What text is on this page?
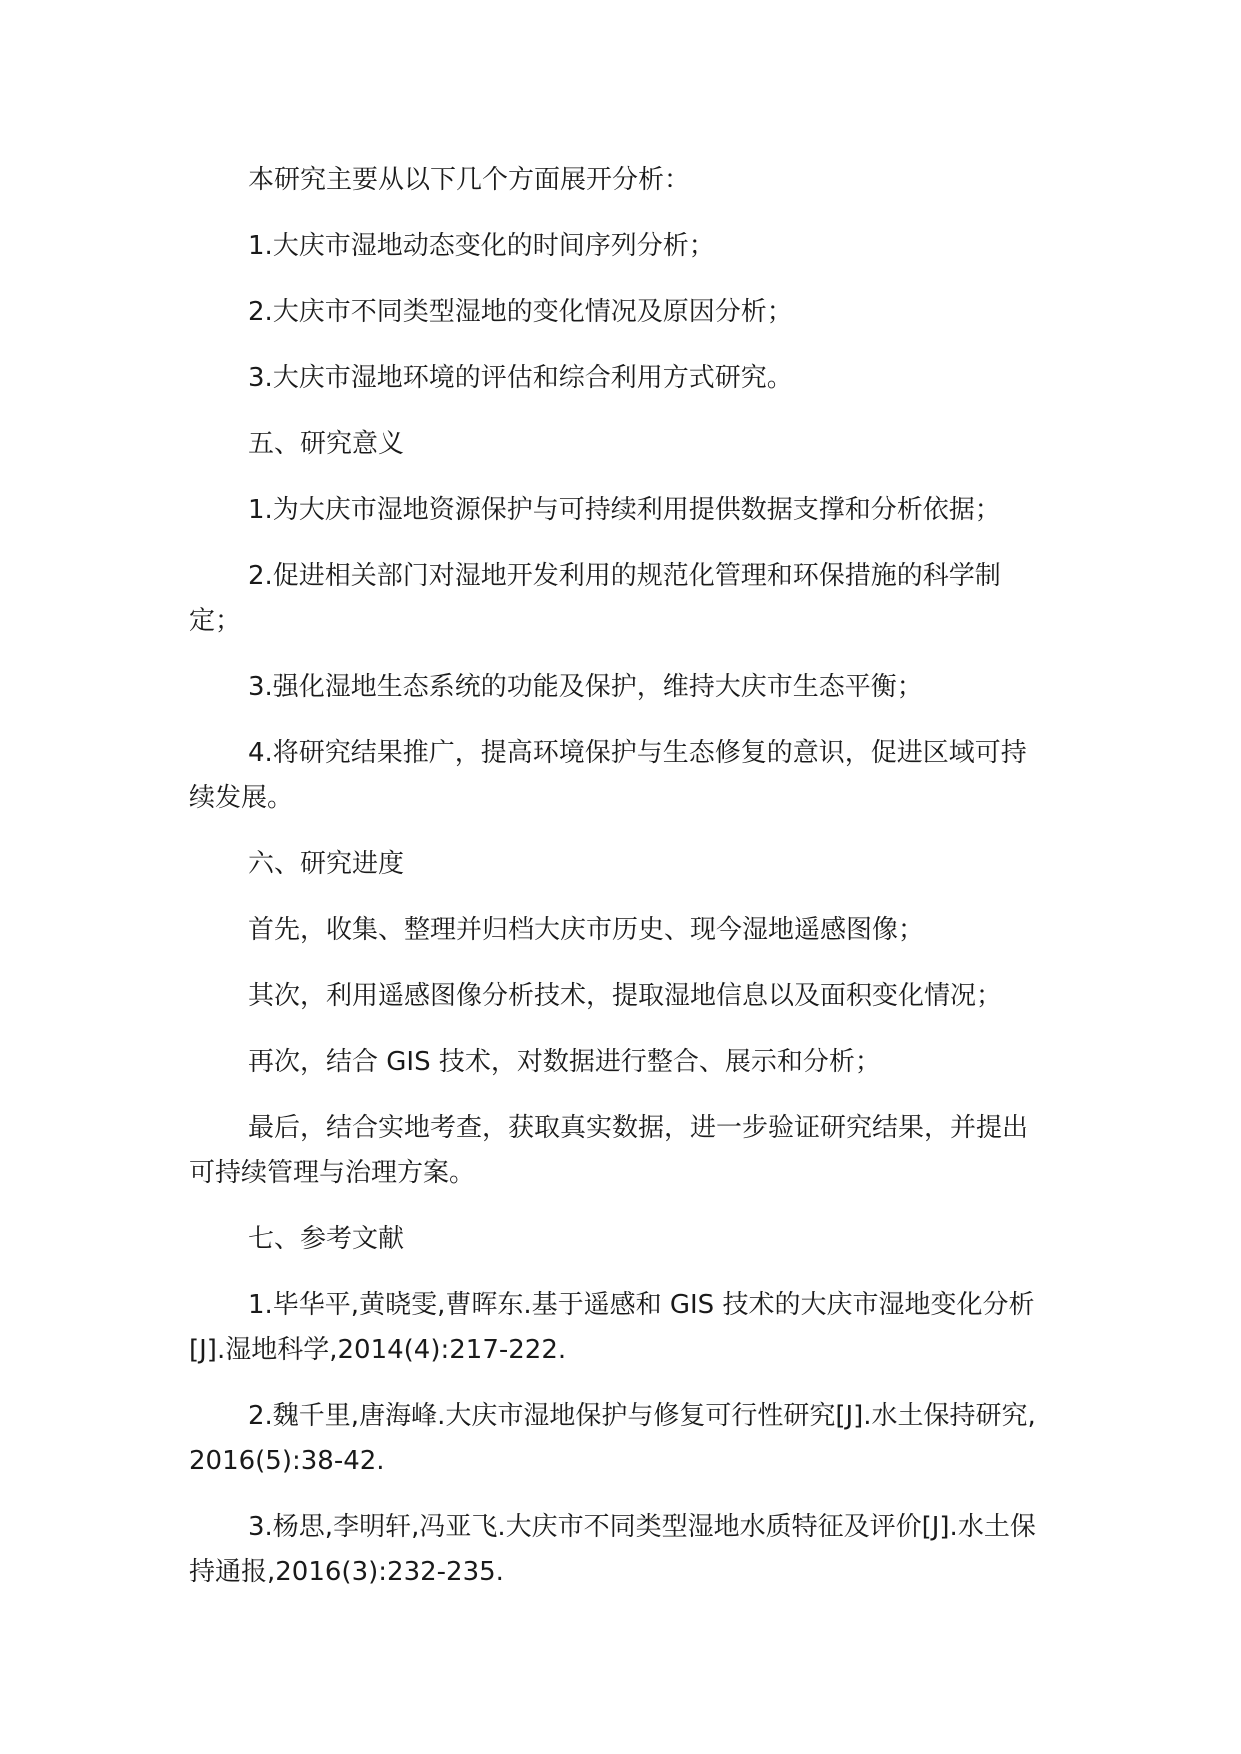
本研究主要从以下几个方面展开分析：

1.大庆市湿地动态变化的时间序列分析；

2.大庆市不同类型湿地的变化情况及原因分析；

3.大庆市湿地环境的评估和综合利用方式研究。

五、研究意义

1.为大庆市湿地资源保护与可持续利用提供数据支撑和分析依据；

2.促进相关部门对湿地开发利用的规范化管理和环保措施的科学制定；

3.强化湿地生态系统的功能及保护，维持大庆市生态平衡；

4.将研究结果推广，提高环境保护与生态修复的意识，促进区域可持续发展。

六、研究进度

首先，收集、整理并归档大庆市历史、现今湿地遥感图像；

其次，利用遥感图像分析技术，提取湿地信息以及面积变化情况；

再次，结合 GIS 技术，对数据进行整合、展示和分析；

最后，结合实地考查，获取真实数据，进一步验证研究结果，并提出可持续管理与治理方案。

七、参考文献

1.毕华平,黄晓雯,曹晖东.基于遥感和 GIS 技术的大庆市湿地变化分析[J].湿地科学,2014(4):217-222.

2.魏千里,唐海峰.大庆市湿地保护与修复可行性研究[J].水土保持研究,2016(5):38-42.

3.杨思,李明轩,冯亚飞.大庆市不同类型湿地水质特征及评价[J].水土保持通报,2016(3):232-235.
